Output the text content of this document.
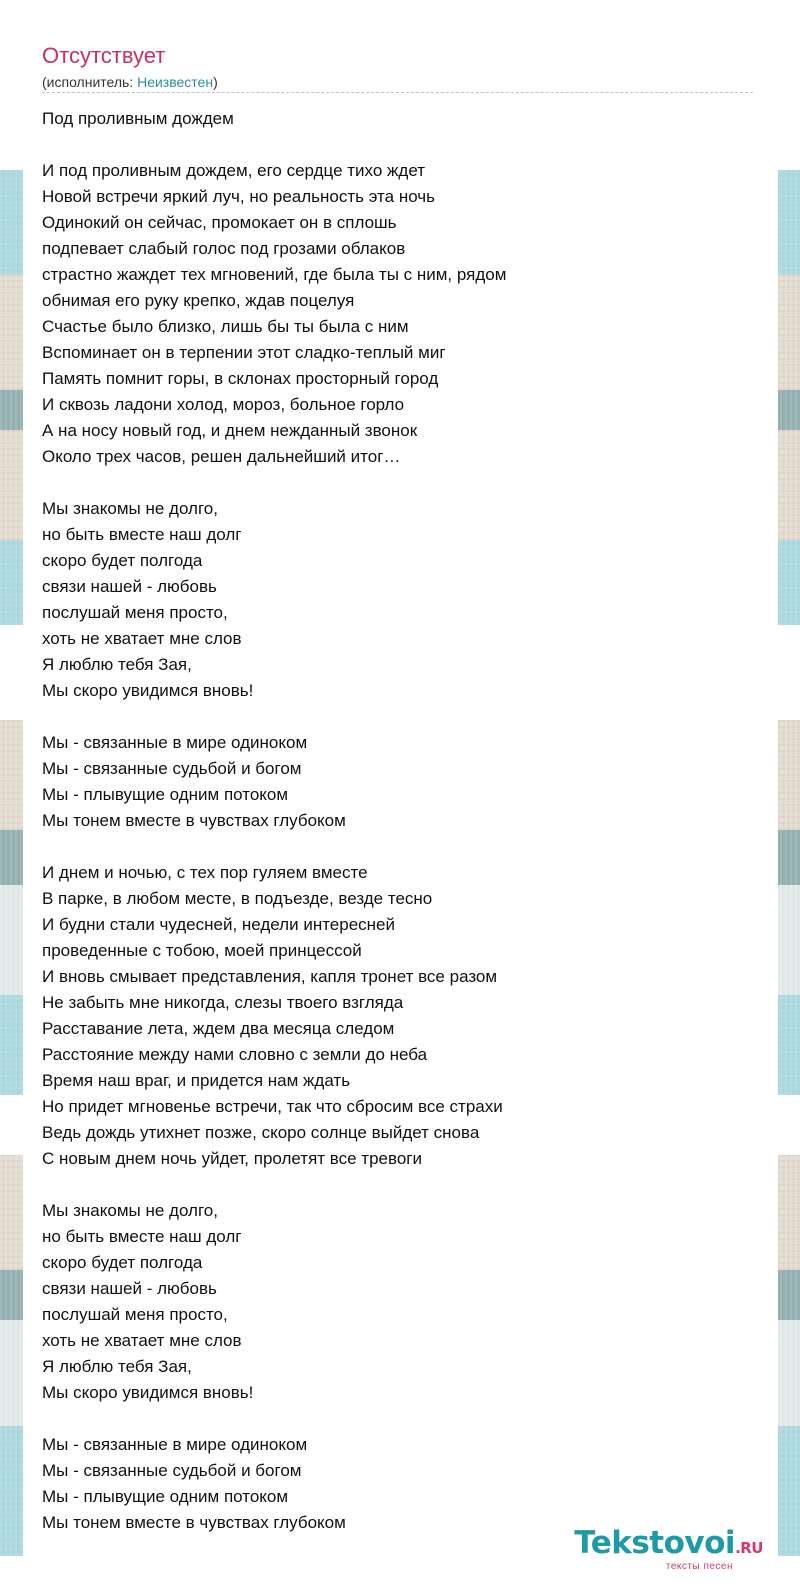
Отсутствует
(исполнитель: Неизвестен)
Под проливным дождем
И под проливным дождем, его сердце тихо ждет
Новой встречи яркий луч, но реальность эта ночь
Одинокий он сейчас, промокает он в сплошь
подпевает слабый голос под грозами облаков
страстно жаждет тех мгновений, где была ты с ним, рядом
обнимая его руку крепко, ждав поцелуя
Счастье было близко, лишь бы ты была с ним
Вспоминает он в терпении этот сладко-теплый миг
Память помнит горы, в склонах просторный город
И сквозь ладони холод, мороз, больное горло
А на носу новый год, и днем нежданный звонок
Около трех часов, решен дальнейший итог…
Мы знакомы не долго,
но быть вместе наш долг
скоро будет полгода
связи нашей - любовь
послушай меня просто,
хоть не хватает мне слов
Я люблю тебя Зая,
Мы скоро увидимся вновь!
Мы - связанные в мире одиноком
Мы - связанные судьбой и богом
Мы - плывущие одним потоком
Мы тонем вместе в чувствах глубоком
И днем и ночью, с тех пор гуляем вместе
В парке, в любом месте, в подъезде, везде тесно
И будни стали чудесней, недели интересней
проведенные с тобою, моей принцессой
И вновь смывает представления, капля тронет все разом
Не забыть мне никогда, слезы твоего взгляда
Расставание лета, ждем два месяца следом
Расстояние между нами словно с земли до неба
Время наш враг, и придется нам ждать
Но придет мгновенье встречи, так что сбросим все страхи
Ведь дождь утихнет позже, скоро солнце выйдет снова
С новым днем ночь уйдет, пролетят все тревоги
Мы знакомы не долго,
но быть вместе наш долг
скоро будет полгода
связи нашей - любовь
послушай меня просто,
хоть не хватает мне слов
Я люблю тебя Зая,
Мы скоро увидимся вновь!
Мы - связанные в мире одиноком
Мы - связанные судьбой и богом
Мы - плывущие одним потоком
Мы тонем вместе в чувствах глубоком
Tekstovoi.RU
тексты песен
